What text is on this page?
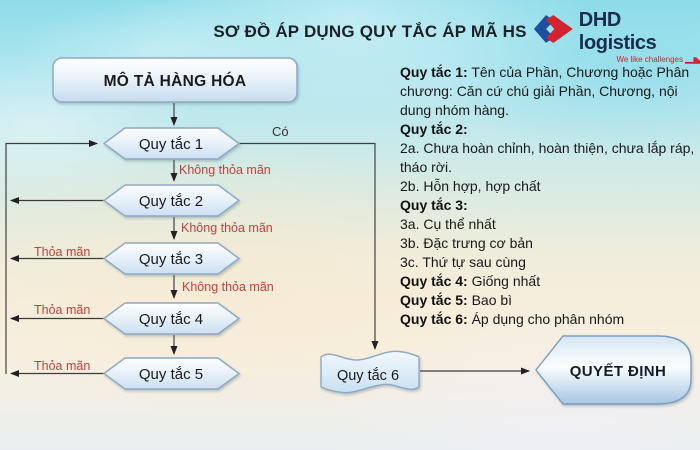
MÔ TẢ HÀNG HÓA
Quy tắc 1
Quy tắc 2
Quy tắc 3
Quy tắc 4
Quy tắc 5	Quy tắc 6	QUYẾT ĐỊNH
SƠ ĐỒ ÁP DỤNG QUY TẮC ÁP MÃ HS
DHD logistics
We like challenges
Có
Không thỏa mãn
Không thỏa mãn
Không thỏa mãn
Thỏa mãn
Thỏa mãn
Thỏa mãn
Quy tắc 1: Tên của Phần, Chương hoặc Phân chương: Căn cứ chú giải Phần, Chương, nội dung nhóm hàng.
Quy tắc 2:
2a. Chưa hoàn chỉnh, hoàn thiện, chưa lắp ráp, tháo rời.
2b. Hỗn hợp, hợp chất
Quy tắc 3:
3a. Cụ thể nhất
3b. Đặc trưng cơ bản
3c. Thứ tự sau cùng
Quy tắc 4: Giống nhất
Quy tắc 5: Bao bì
Quy tắc 6: Áp dụng cho phân nhóm
